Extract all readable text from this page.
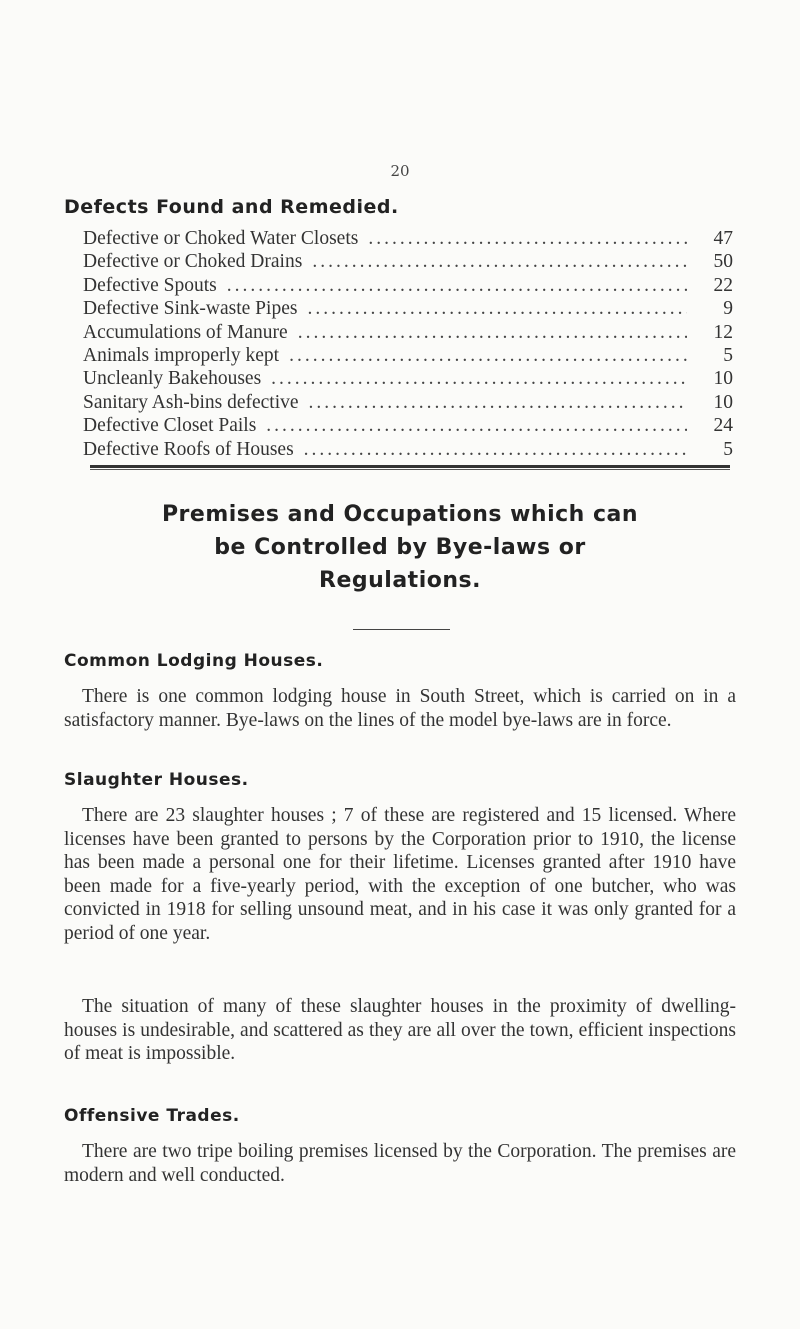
20
Defects Found and Remedied.
Defective or Choked Water Closets .....	47
Defective or Choked Drains .....	50
Defective Spouts .....	22
Defective Sink-waste Pipes .....	9
Accumulations of Manure .....	12
Animals improperly kept .....	5
Uncleanly Bakehouses .....	10
Sanitary Ash-bins defective .....	10
Defective Closet Pails .....	24
Defective Roofs of Houses .....	5
Premises and Occupations which can
be Controlled by Bye-laws or
Regulations.
Common Lodging Houses.

There is one common lodging house in South Street, which is carried on in a satisfactory manner. Bye-laws on the lines of the model bye-laws are in force.

Slaughter Houses.

There are 23 slaughter houses ; 7 of these are registered and 15 licensed. Where licenses have been granted to persons by the Corporation prior to 1910, the license has been made a personal one for their lifetime. Licenses granted after 1910 have been made for a five-yearly period, with the exception of one butcher, who was convicted in 1918 for selling unsound meat, and in his case it was only granted for a period of one year.

The situation of many of these slaughter houses in the proximity of dwelling-houses is undesirable, and scattered as they are all over the town, efficient inspections of meat is impossible.

Offensive Trades.

There are two tripe boiling premises licensed by the Corporation. The premises are modern and well conducted.
